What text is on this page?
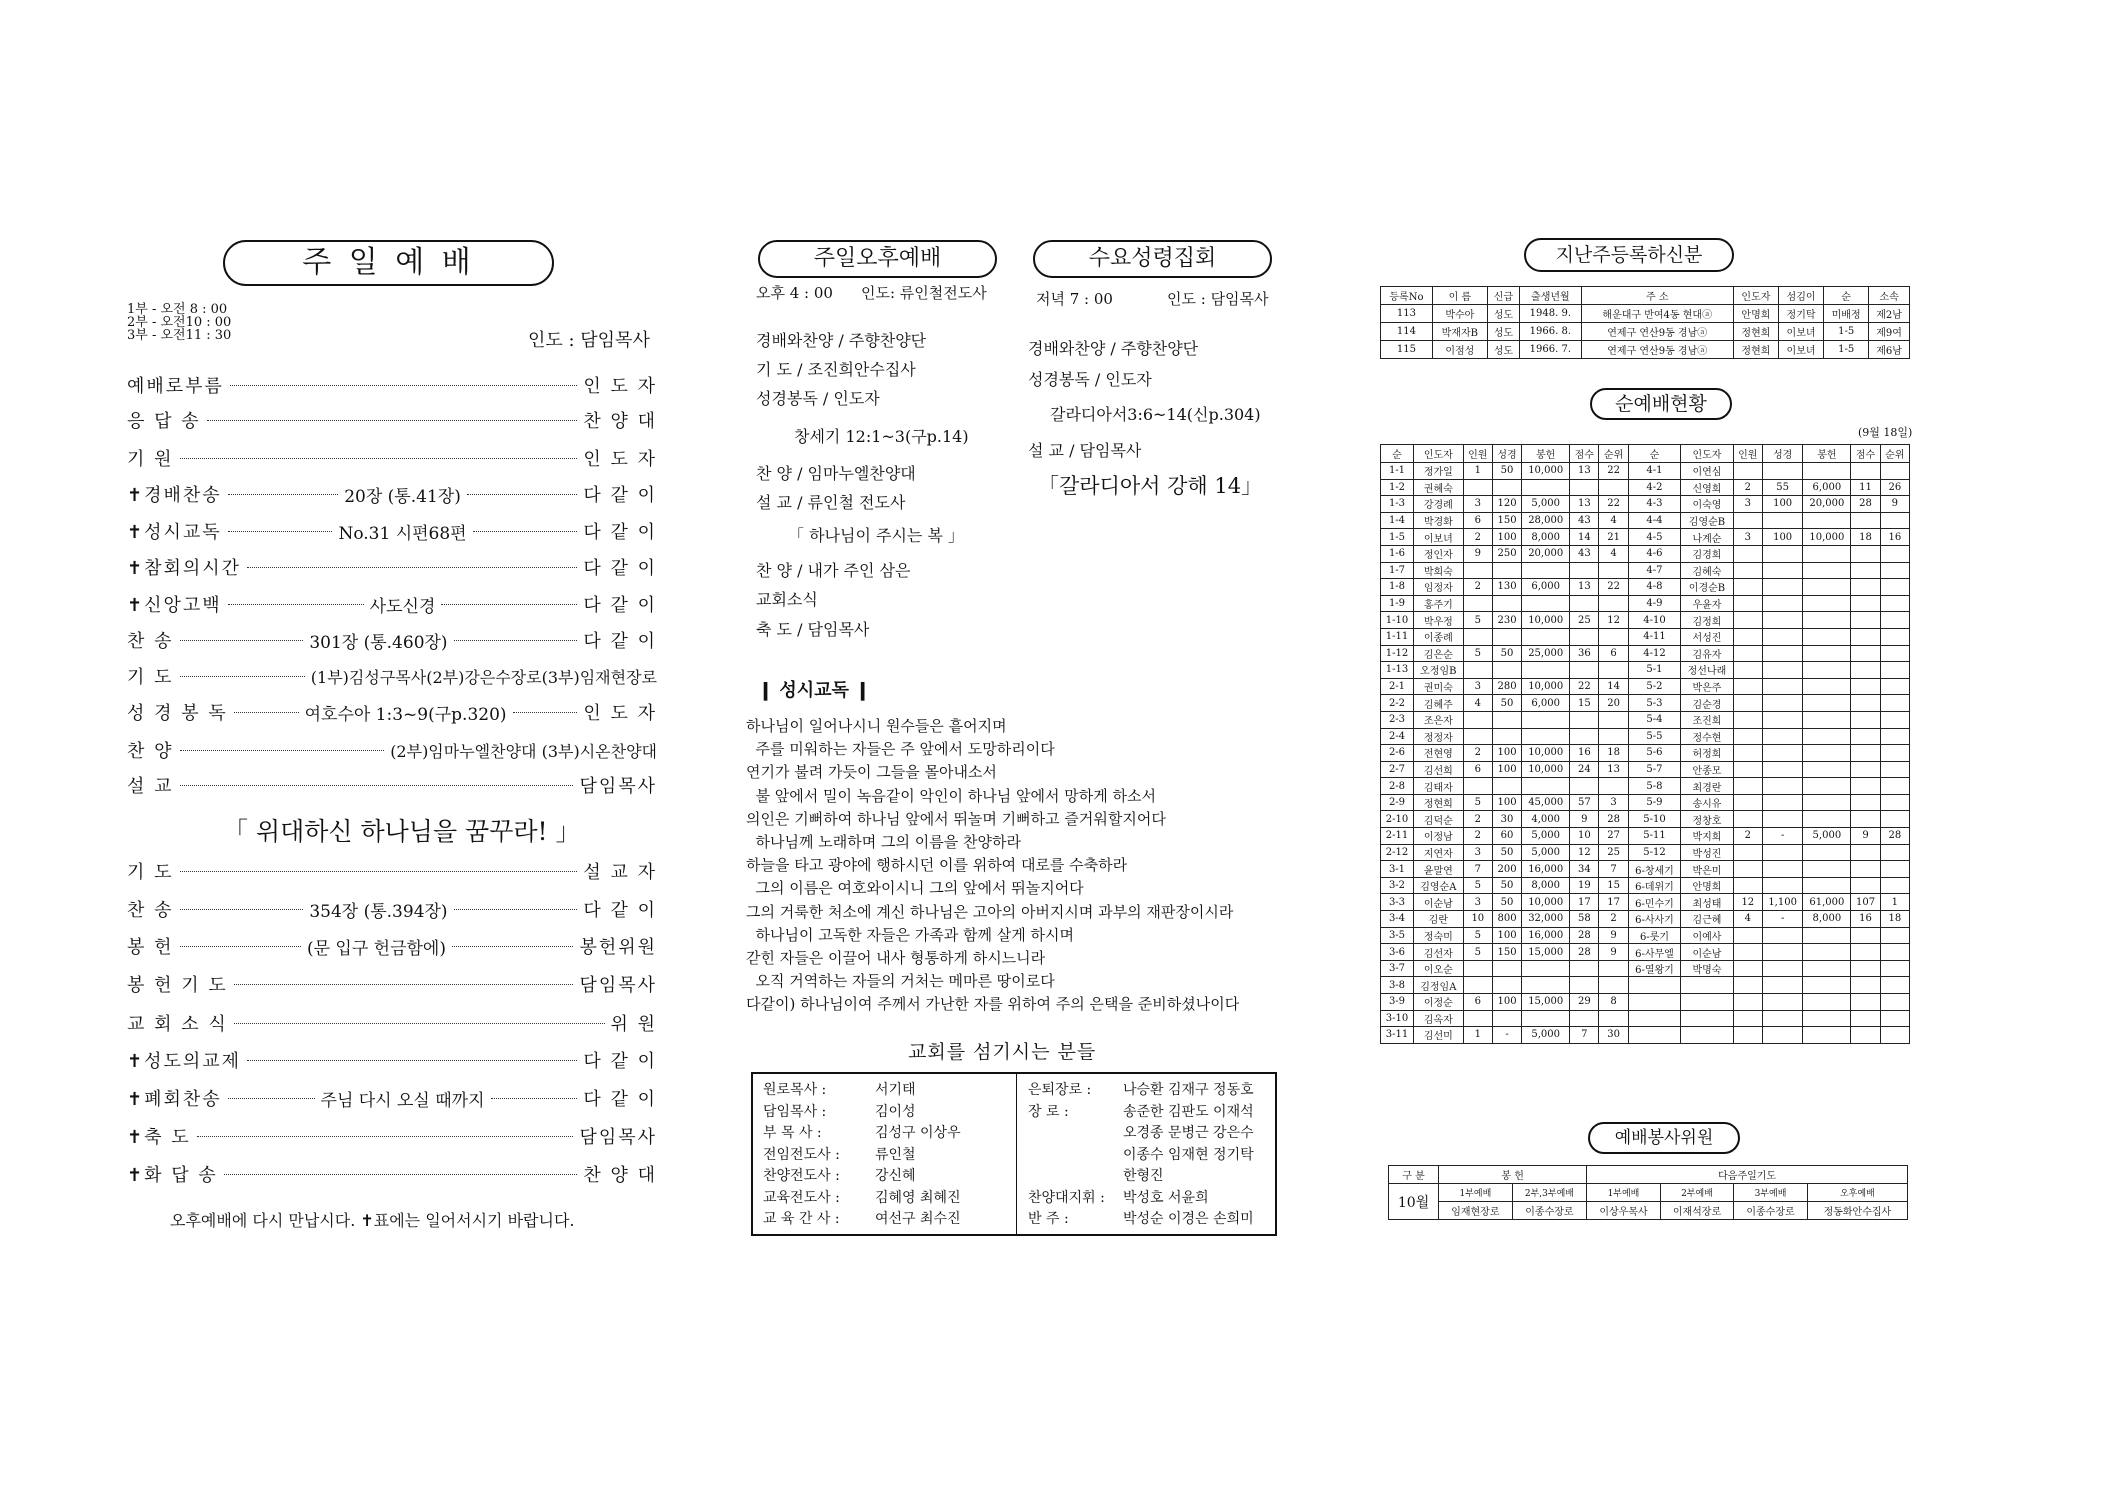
주 일 예 배
1부 - 오전 8 : 00
2부 - 오전10 : 00
3부 - 오전11 : 30	인도 : 담임목사
예배로부름	인 도 자
응 답 송	찬 양 대
기 원	인 도 자
✝경배찬송	20장 (통.41장)	다 같 이
✝성시교독	No.31 시편68편	다 같 이
✝참회의시간	다 같 이
✝신앙고백	사도신경	다 같 이
찬 송	301장 (통.460장)	다 같 이
기 도	(1부)김성구목사(2부)강은수장로(3부)임재현장로
성 경 봉 독	여호수아 1:3~9(구p.320)	인 도 자
찬 양	(2부)임마누엘찬양대 (3부)시온찬양대
설 교	담임목사
기 도	설 교 자
찬 송	354장 (통.394장)	다 같 이
봉 헌	(문 입구 헌금함에)	봉헌위원
봉 헌 기 도	담임목사
교 회 소 식	위 원
✝성도의교제	다 같 이
✝폐회찬송	주님 다시 오실 때까지	다 같 이
✝축 도	담임목사
✝화 답 송	찬 양 대
「 위대하신 하나님을 꿈꾸라! 」
오후예배에 다시 만납시다. ✝표에는 일어서시기 바랍니다.
주일오후예배
오후 4 : 00 인도: 류인철전도사
경배와찬양 / 주향찬양단
기 도 / 조진희안수집사
성경봉독 / 인도자
창세기 12:1~3(구p.14)
찬 양 / 임마누엘찬양대
설 교 / 류인철 전도사
「 하나님이 주시는 복 」
찬 양 / 내가 주인 삼은
교회소식
축 도 / 담임목사
수요성령집회
저녁 7 : 00	인도 : 담임목사
경배와찬양 / 주향찬양단
성경봉독 / 인도자
갈라디아서3:6~14(신p.304)
설 교 / 담임목사
「갈라디아서 강해 14」
❙ 성시교독 ❙
하나님이 일어나시니 원수들은 흩어지며
주를 미워하는 자들은 주 앞에서 도망하리이다
연기가 불려 가듯이 그들을 몰아내소서
불 앞에서 밀이 녹음같이 악인이 하나님 앞에서 망하게 하소서
의인은 기뻐하여 하나님 앞에서 뛰놀며 기뻐하고 즐거워할지어다
하나님께 노래하며 그의 이름을 찬양하라
하늘을 타고 광야에 행하시던 이를 위하여 대로를 수축하라
그의 이름은 여호와이시니 그의 앞에서 뛰놀지어다
그의 거룩한 처소에 계신 하나님은 고아의 아버지시며 과부의 재판장이시라
하나님이 고독한 자들은 가족과 함께 살게 하시며
갇힌 자들은 이끌어 내사 형통하게 하시느니라
오직 거역하는 자들의 거처는 메마른 땅이로다
다같이) 하나님이여 주께서 가난한 자를 위하여 주의 은택을 준비하셨나이다
교회를 섬기시는 분들
원로목사 :	서기태
담임목사 :	김이성
부 목 사 :	김성구 이상우
전임전도사 :	류인철
찬양전도사 :	강신혜
교육전도사 :	김혜영 최혜진
교 육 간 사 :	여선구 최수진
은퇴장로 : 나승환 김재구 정동호
장 로 :	송준한 김판도 이재석
오경종 문병근 강은수
이종수 임재현 정기탁
한형진
찬양대지휘 : 박성호 서윤희
반 주 :	박성순 이경은 손희미
지난주등록하신분
등록No	이 름	신급	출생년월	주 소	인도자	섬김이	순	소속
113	박수아	성도	1948. 9.	해운대구 반여4동 현대ⓐ	안명희	정기탁	미배정	제2남
114	박재자B	성도	1966. 8.	연제구 연산9동 경남ⓐ	정현희	이보녀	1-5	제9여
115	이점성	성도	1966. 7.	연제구 연산9동 경남ⓐ	정현희	이보녀	1-5	제6남
순예배현황
(9월 18일)
순	인도자	인원	성경	봉헌	점수	순위	순	인도자	인원	성경	봉헌	점수	순위
1-1	정가일	1	50	10,000	13	22	4-1	이연심					
1-2	권혜숙						4-2	신영희	2	55	6,000	11	26
1-3	강경례	3	120	5,000	13	22	4-3	이숙영	3	100	20,000	28	9
1-4	박경화	6	150	28,000	43	4	4-4	김영순B					
1-5	이보녀	2	100	8,000	14	21	4-5	나계순	3	100	10,000	18	16
1-6	정인자	9	250	20,000	43	4	4-6	김경희					
1-7	박희숙						4-7	김혜숙					
1-8	임정자	2	130	6,000	13	22	4-8	이경순B					
1-9	홍주기						4-9	우윤자					
1-10	박우정	5	230	10,000	25	12	4-10	김정희					
1-11	이종례						4-11	서성진					
1-12	김은순	5	50	25,000	36	6	4-12	김유자					
1-13	오정임B						5-1	정선나래					
2-1	권미숙	3	280	10,000	22	14	5-2	박은주					
2-2	김혜주	4	50	6,000	15	20	5-3	김순경					
2-3	조은자						5-4	조진희					
2-4	정정자						5-5	정수현					
2-6	전현영	2	100	10,000	16	18	5-6	허정희					
2-7	김선희	6	100	10,000	24	13	5-7	안종모					
2-8	김태자						5-8	최경란					
2-9	정현희	5	100	45,000	57	3	5-9	송시유					
2-10	김덕순	2	30	4,000	9	28	5-10	정창호					
2-11	이정남	2	60	5,000	10	27	5-11	박지희	2	-	5,000	9	28
2-12	지연자	3	50	5,000	12	25	5-12	박성진					
3-1	윤말연	7	200	16,000	34	7	6-창세기	박은미					
3-2	김영순A	5	50	8,000	19	15	6-데위기	안명희					
3-3	이순남	3	50	10,000	17	17	6-민수기	최성태	12	1,100	61,000	107	1
3-4	김란	10	800	32,000	58	2	6-사사기	김근혜	4	-	8,000	16	18
3-5	정숙미	5	100	16,000	28	9	6-룻기	이예사					
3-6	김선자	5	150	15,000	28	9	6-사무엘	이순남					
3-7	이오순						6-열왕기	박명숙					
3-8	김정임A												
3-9	이정순	6	100	15,000	29	8							
3-10	김옥자												
3-11	김선미	1	-	5,000	7	30							
예배봉사위원
구 분	봉 헌		다음주일기도			
10월	1부예배	2부,3부예배	1부예배	2부예배	3부예배	오후예배
	임재현장로	이종수장로	이상우목사	이재석장로	이종수장로	정동화안수집사
